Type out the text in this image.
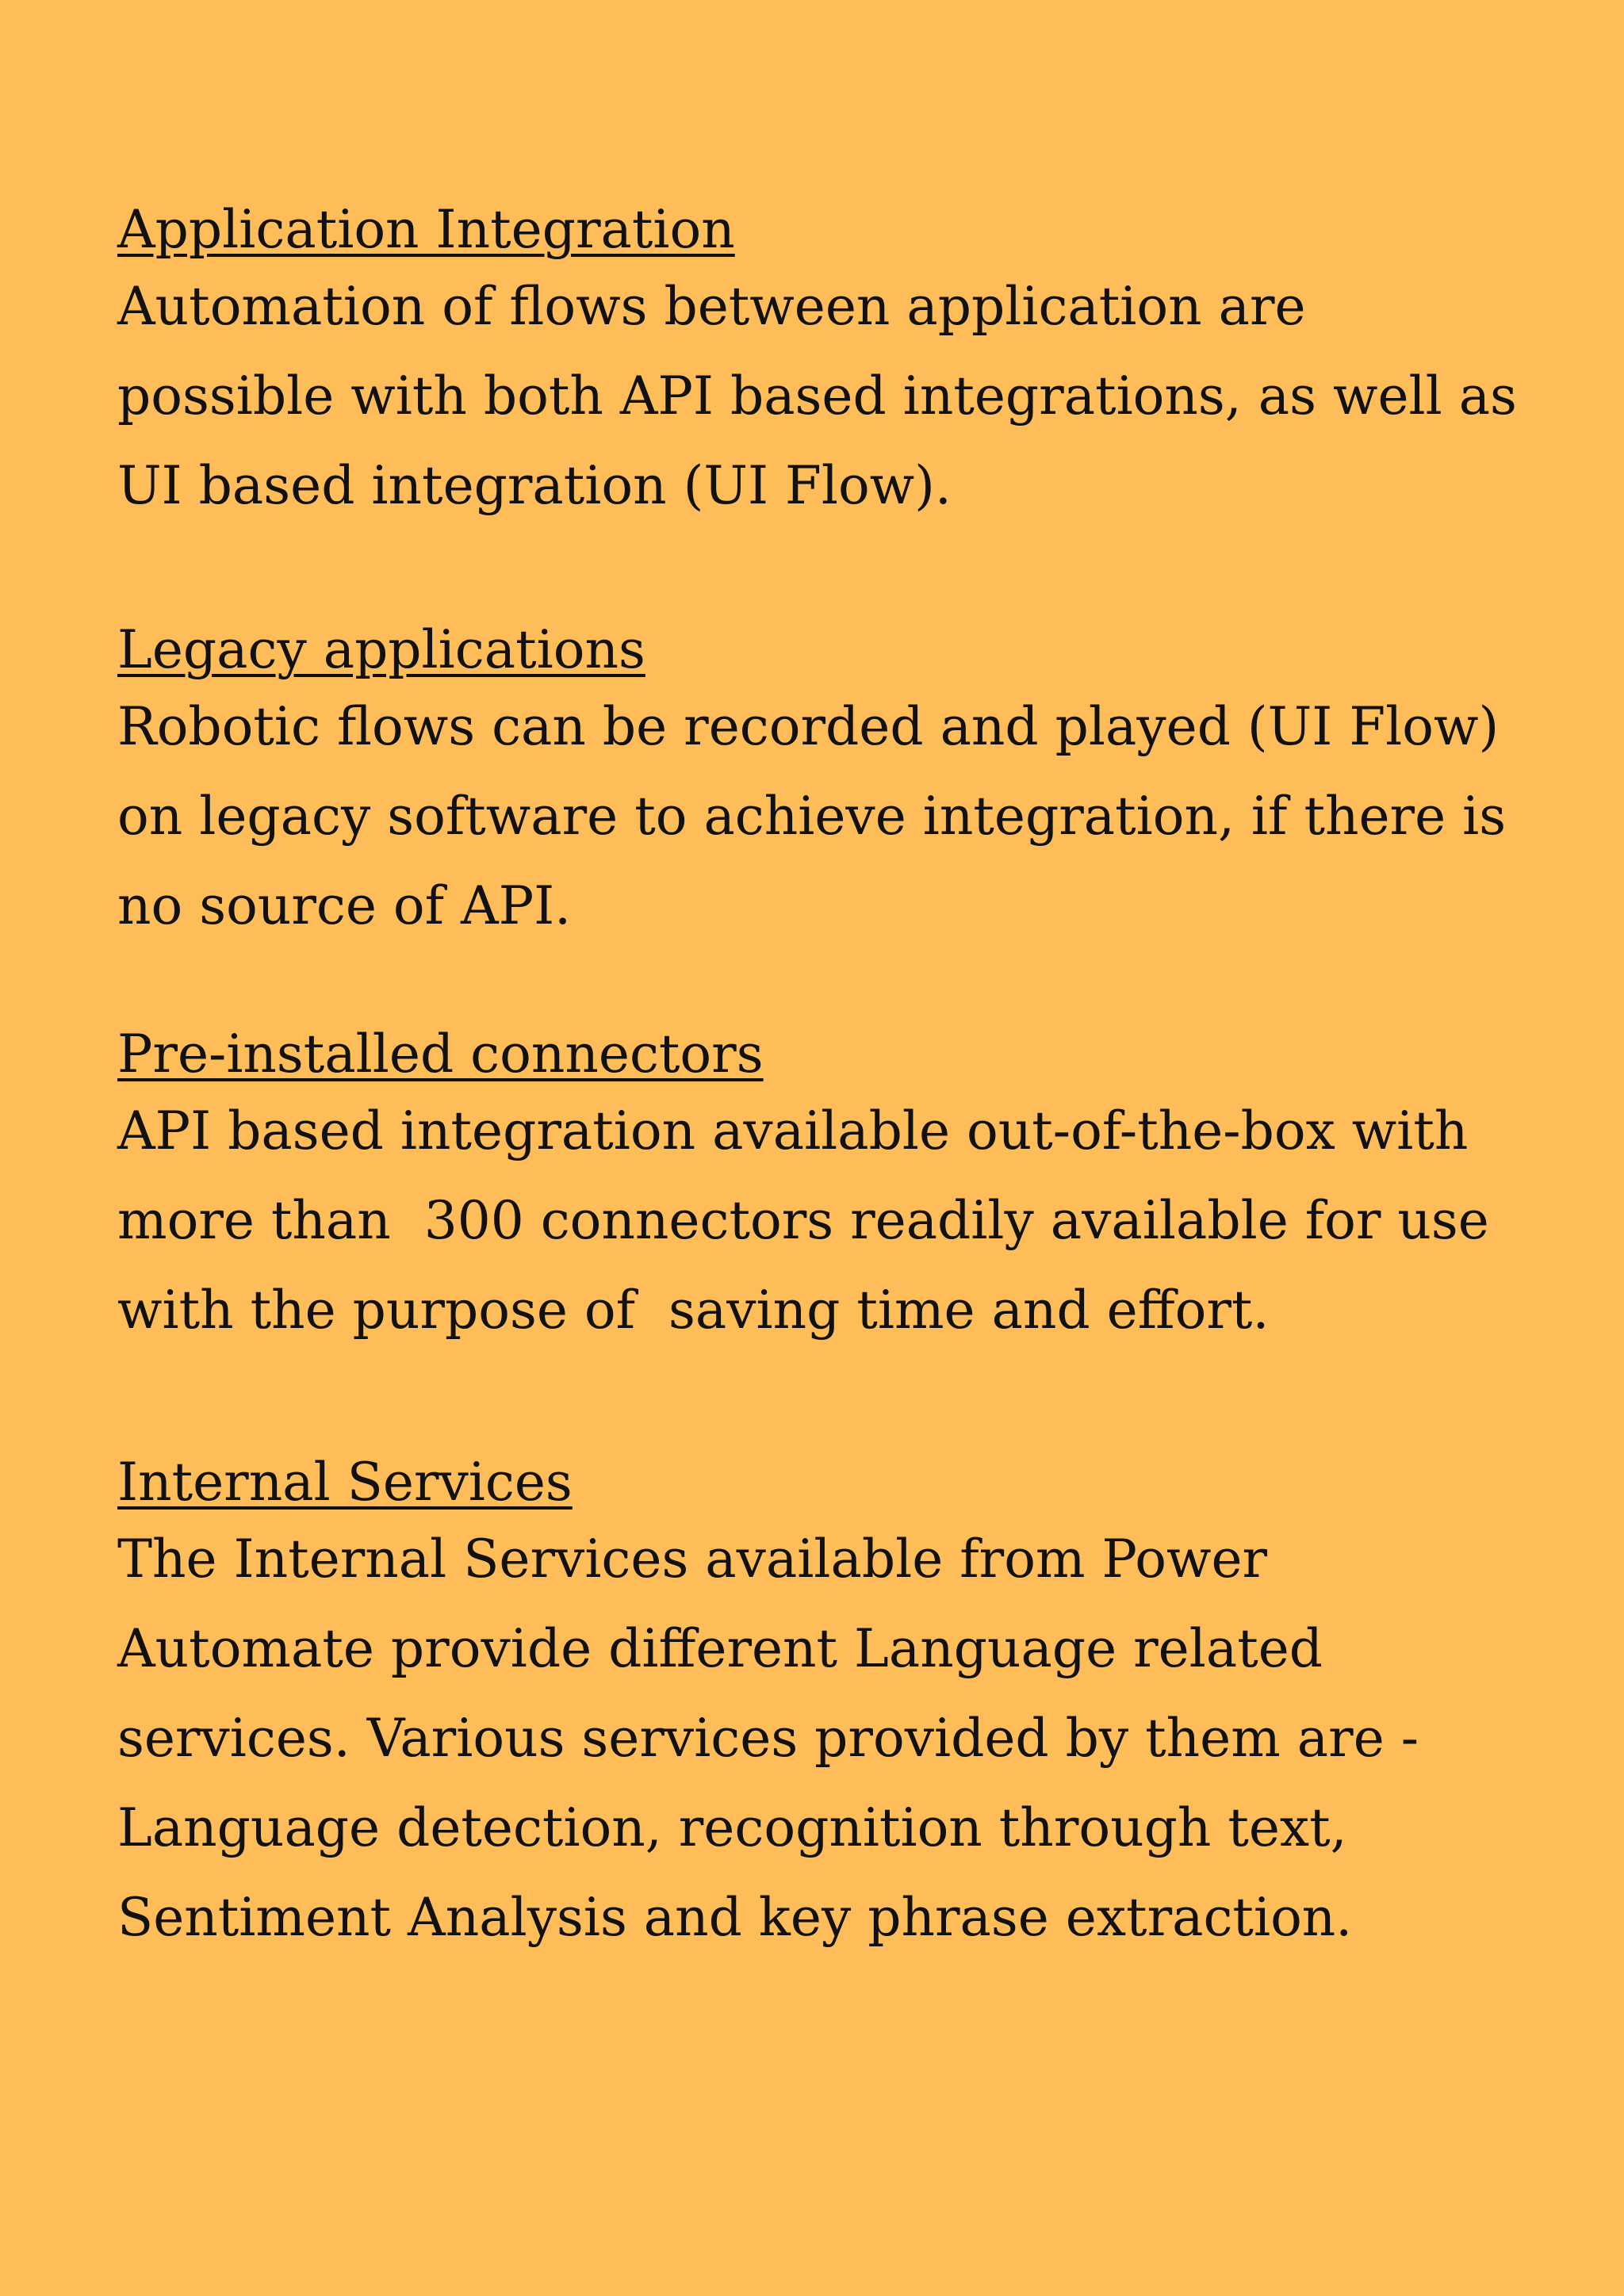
Application Integration

Automation of flows between application are

possible with both API based integrations, as well as

UI based integration (UI Flow).

Legacy applications

Robotic flows can be recorded and played (UI Flow)

on legacy software to achieve integration, if there is

no source of API.

Pre-installed connectors

API based integration available out-of-the-box with

more than  300 connectors readily available for use

with the purpose of  saving time and effort.

Internal Services

The Internal Services available from Power

Automate provide different Language related

services. Various services provided by them are -

Language detection, recognition through text,

Sentiment Analysis and key phrase extraction.
